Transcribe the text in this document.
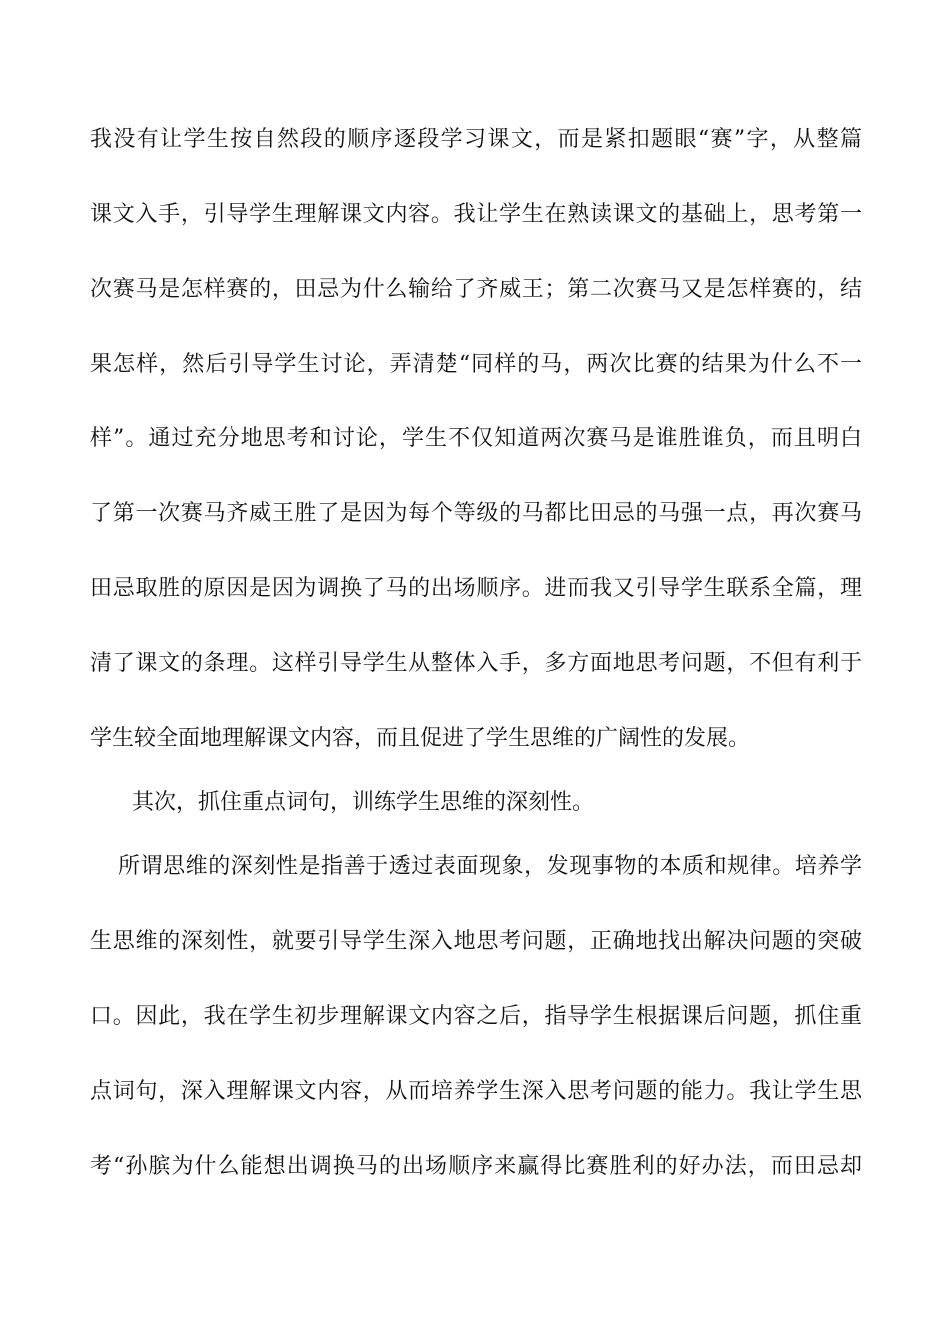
我没有让学生按自然段的顺序逐段学习课文，而是紧扣题眼“赛”字，从整篇
课文入手，引导学生理解课文内容。我让学生在熟读课文的基础上，思考第一
次赛马是怎样赛的，田忌为什么输给了齐威王；第二次赛马又是怎样赛的，结
果怎样，然后引导学生讨论，弄清楚“同样的马，两次比赛的结果为什么不一
样”。通过充分地思考和讨论，学生不仅知道两次赛马是谁胜谁负，而且明白
了第一次赛马齐威王胜了是因为每个等级的马都比田忌的马强一点，再次赛马
田忌取胜的原因是因为调换了马的出场顺序。进而我又引导学生联系全篇，理
清了课文的条理。这样引导学生从整体入手，多方面地思考问题，不但有利于
学生较全面地理解课文内容，而且促进了学生思维的广阔性的发展。
其次，抓住重点词句，训练学生思维的深刻性。
所谓思维的深刻性是指善于透过表面现象，发现事物的本质和规律。培养学
生思维的深刻性，就要引导学生深入地思考问题，正确地找出解决问题的突破
口。因此，我在学生初步理解课文内容之后，指导学生根据课后问题，抓住重
点词句，深入理解课文内容，从而培养学生深入思考问题的能力。我让学生思
考“孙膑为什么能想出调换马的出场顺序来赢得比赛胜利的好办法，而田忌却
